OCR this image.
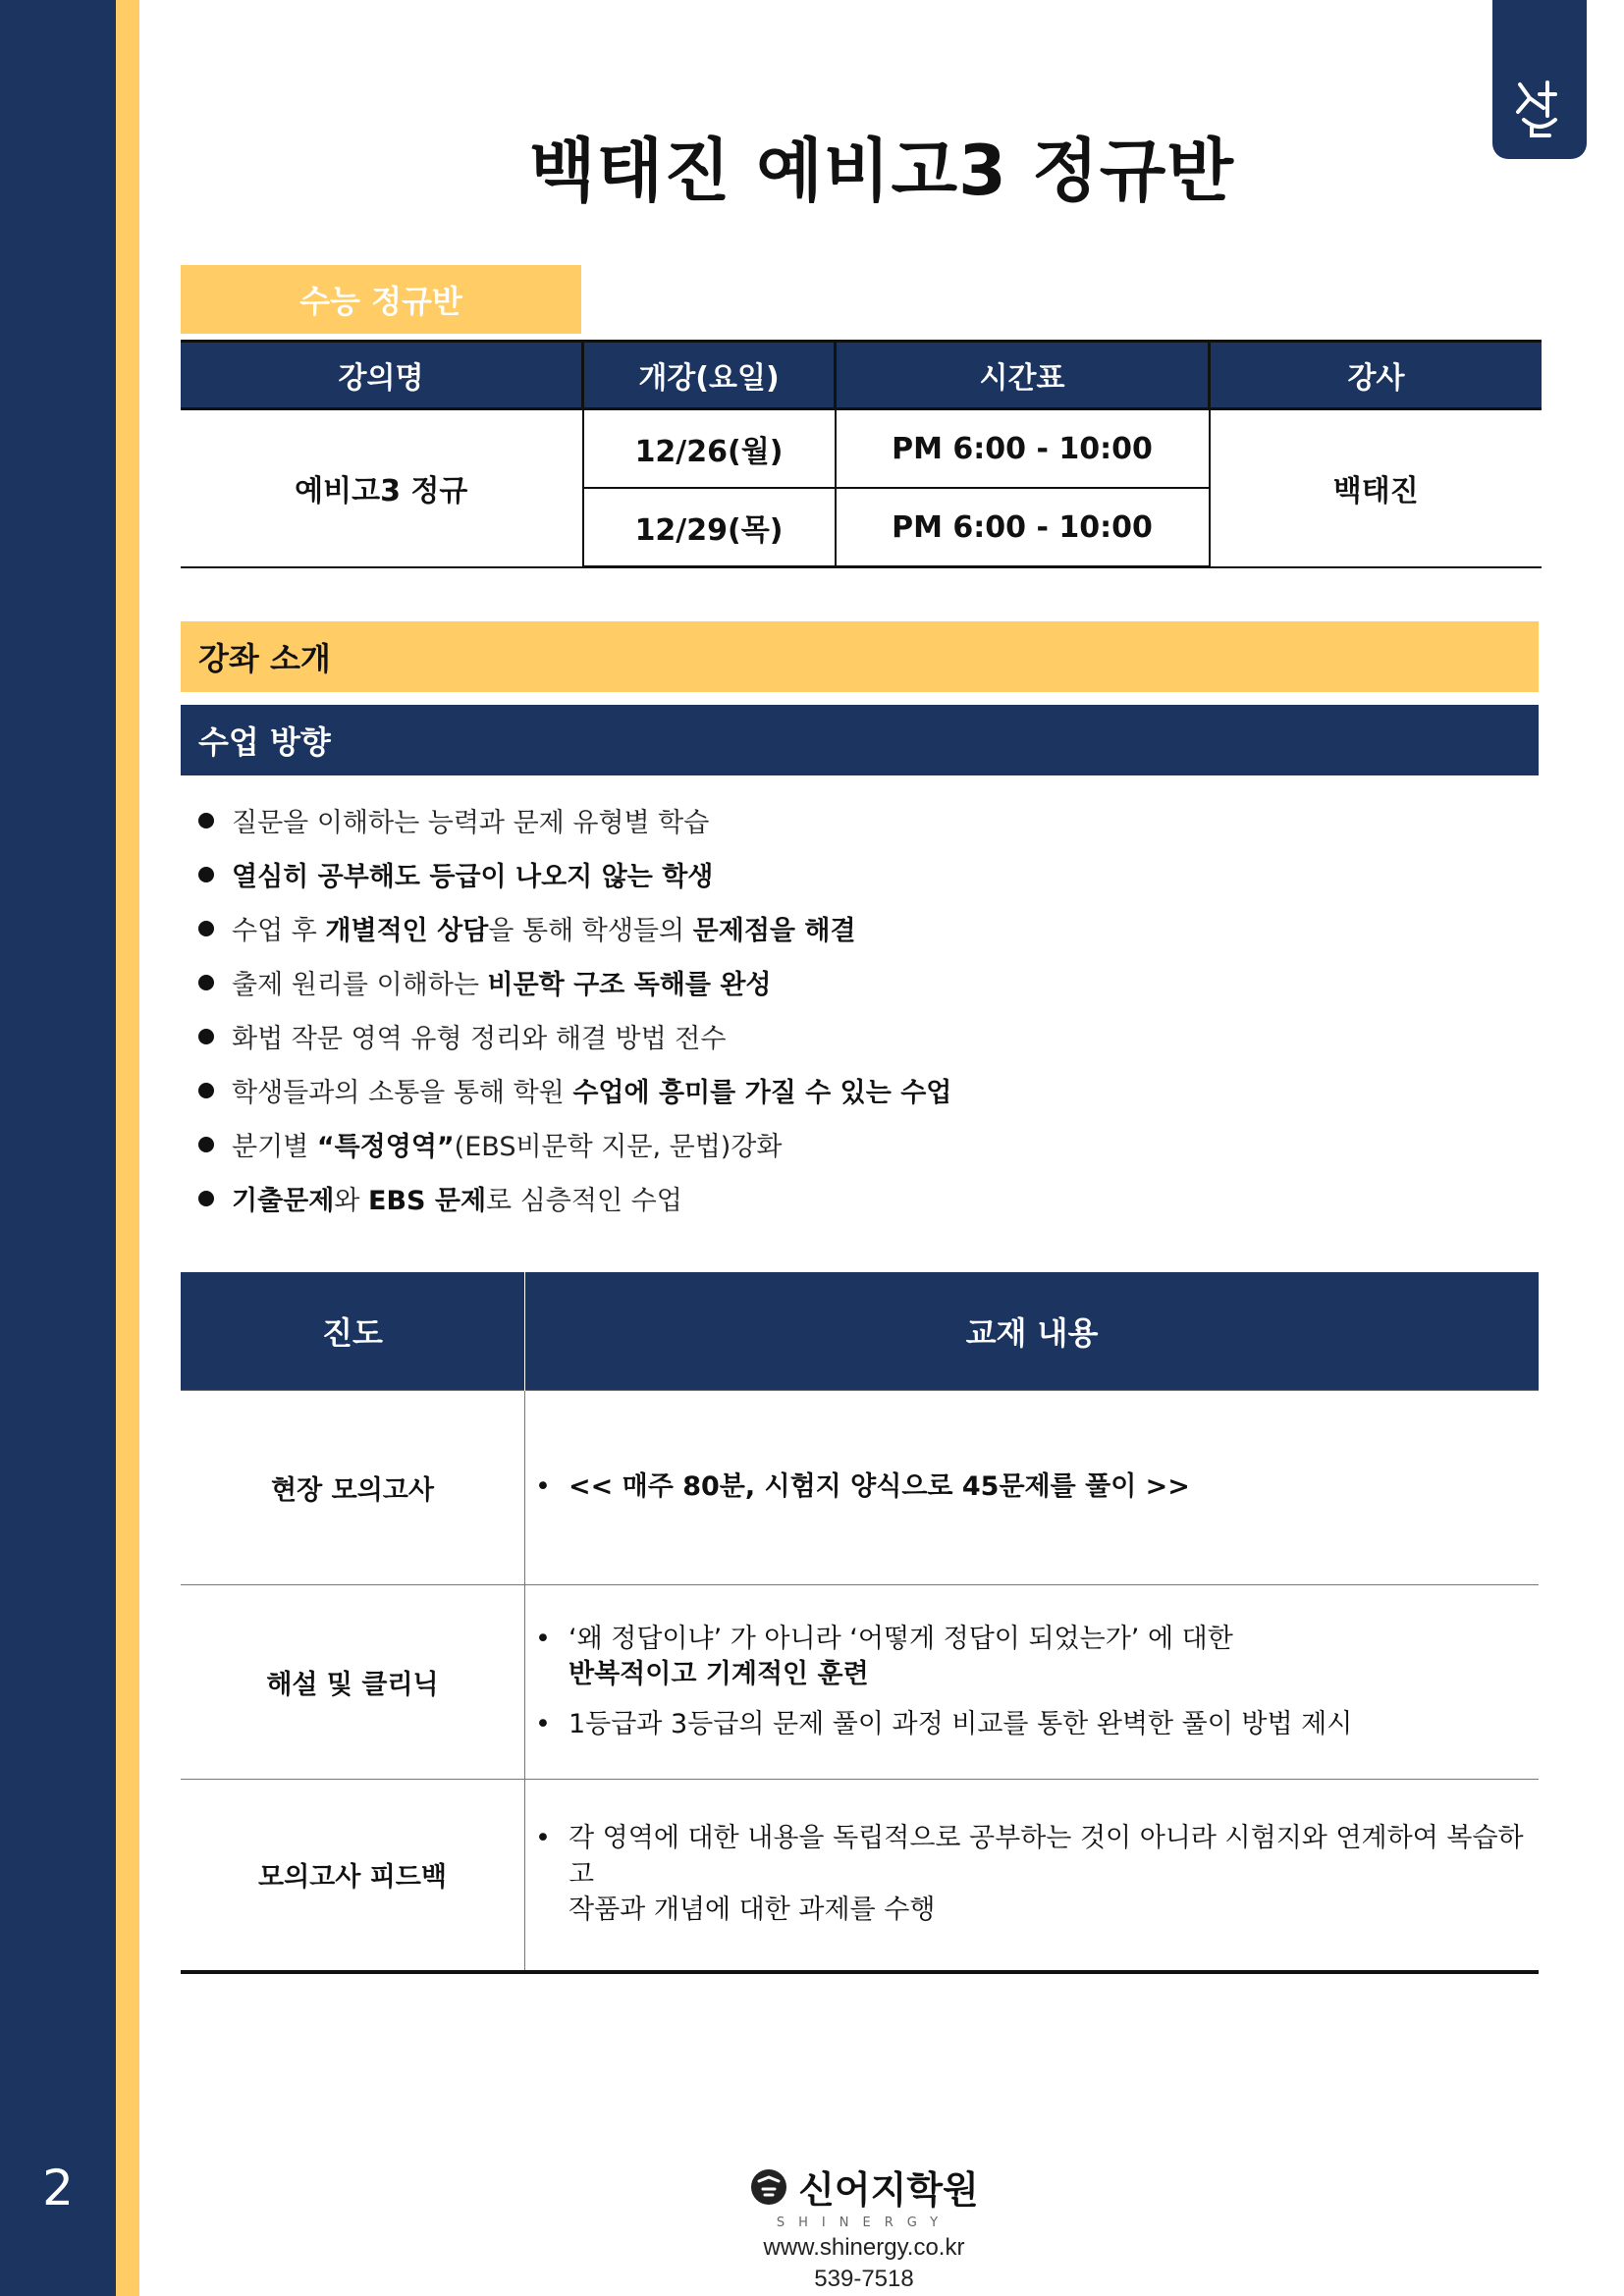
2
백태진 예비고3 정규반
수능 정규반
강의명	개강(요일)	시간표	강사
예비고3 정규	12/26(월)	PM 6:00 - 10:00	백태진
	12/29(목)	PM 6:00 - 10:00	
강좌 소개
수업 방향
질문을 이해하는 능력과 문제 유형별 학습
열심히 공부해도 등급이 나오지 않는 학생
수업 후 개별적인 상담을 통해 학생들의 문제점을 해결
출제 원리를 이해하는 비문학 구조 독해를 완성
화법 작문 영역 유형 정리와 해결 방법 전수
학생들과의 소통을 통해 학원 수업에 흥미를 가질 수 있는 수업
분기별 “특정영역”(EBS비문학 지문, 문법)강화
기출문제와 EBS 문제로 심층적인 수업
진도	교재 내용
현장 모의고사	• << 매주 80분, 시험지 양식으로 45문제를 풀이 >>

해설 및 클리닉	• ‘왜 정답이냐’ 가 아니라 ‘어떻게 정답이 되었는가’ 에 대한
반복적이고 기계적인 훈련
• 1등급과 3등급의 문제 풀이 과정 비교를 통한 완벽한 풀이 방법 제시

모의고사 피드백	• 각 영역에 대한 내용을 독립적으로 공부하는 것이 아니라 시험지와 연계하여 복습하고
작품과 개념에 대한 과제를 수행
신어지학원
SHINERGY
www.shinergy.co.kr
539-7518
